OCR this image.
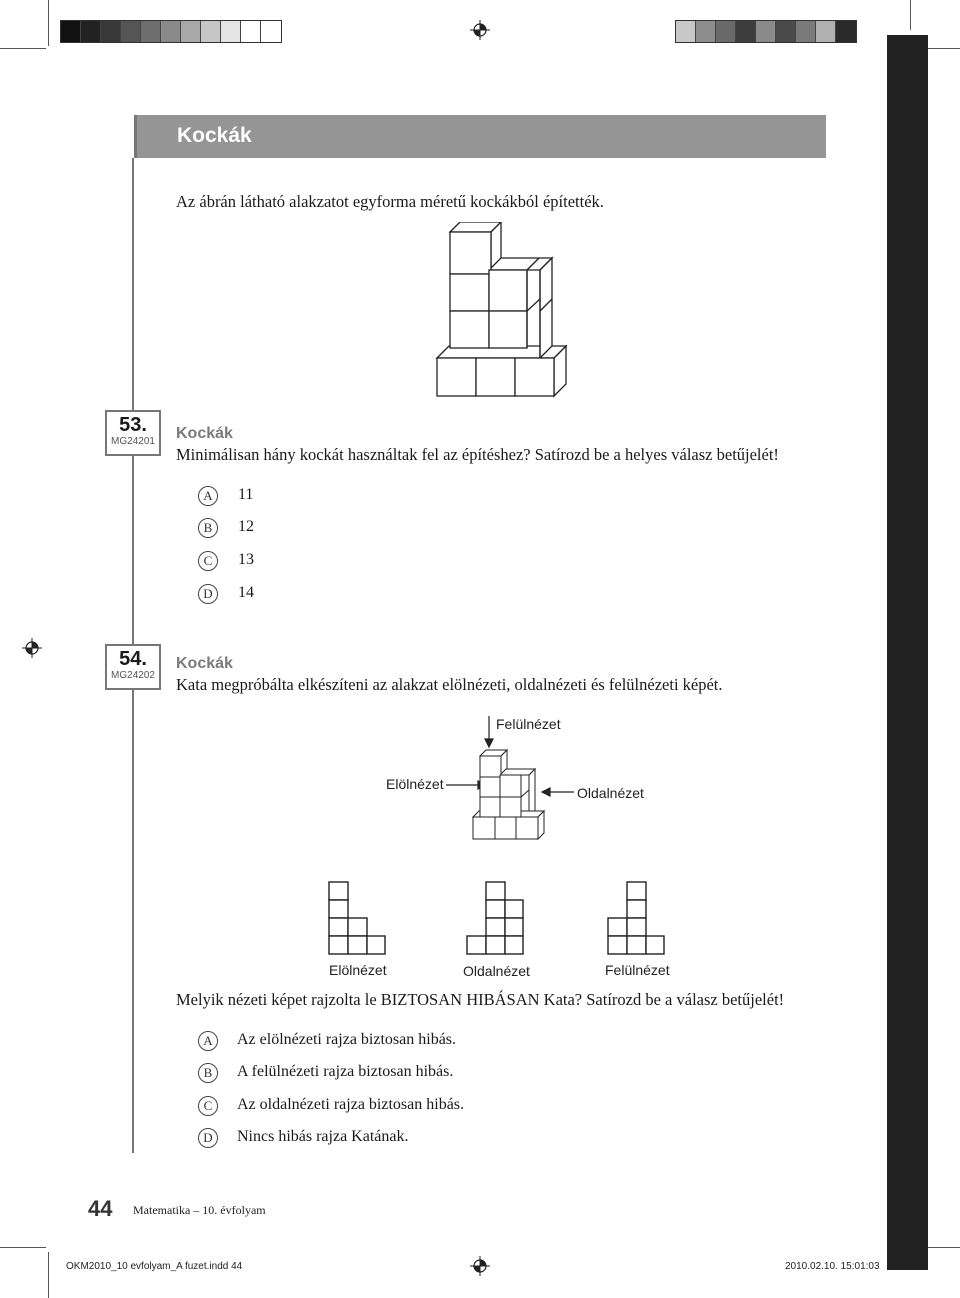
Kockák
Az ábrán látható alakzatot egyforma méretű kockákból építették.
53.
MG24201 Kockák
Minimálisan hány kockát használtak fel az építéshez? Satírozd be a helyes válasz betűjelét!
A	11
B	12
C	13
D	14
54.
MG24202
Kockák
Kata megpróbálta elkészíteni az alakzat elölnézeti, oldalnézeti és felülnézeti képét.
Felülnézet
Elölnézet
Oldalnézet
Elölnézet	Oldalnézet	Felülnézet
Melyik nézeti képet rajzolta le BIZTOSAN HIBÁSAN Kata? Satírozd be a válasz betűjelét!
A	Az elölnézeti rajza biztosan hibás.
B	A felülnézeti rajza biztosan hibás.
C	Az oldalnézeti rajza biztosan hibás.
D	Nincs hibás rajza Katának.
44 Matematika – 10. évfolyam
OKM2010_10 evfolyam_A fuzet.indd 44	2010.02.10. 15:01:03
